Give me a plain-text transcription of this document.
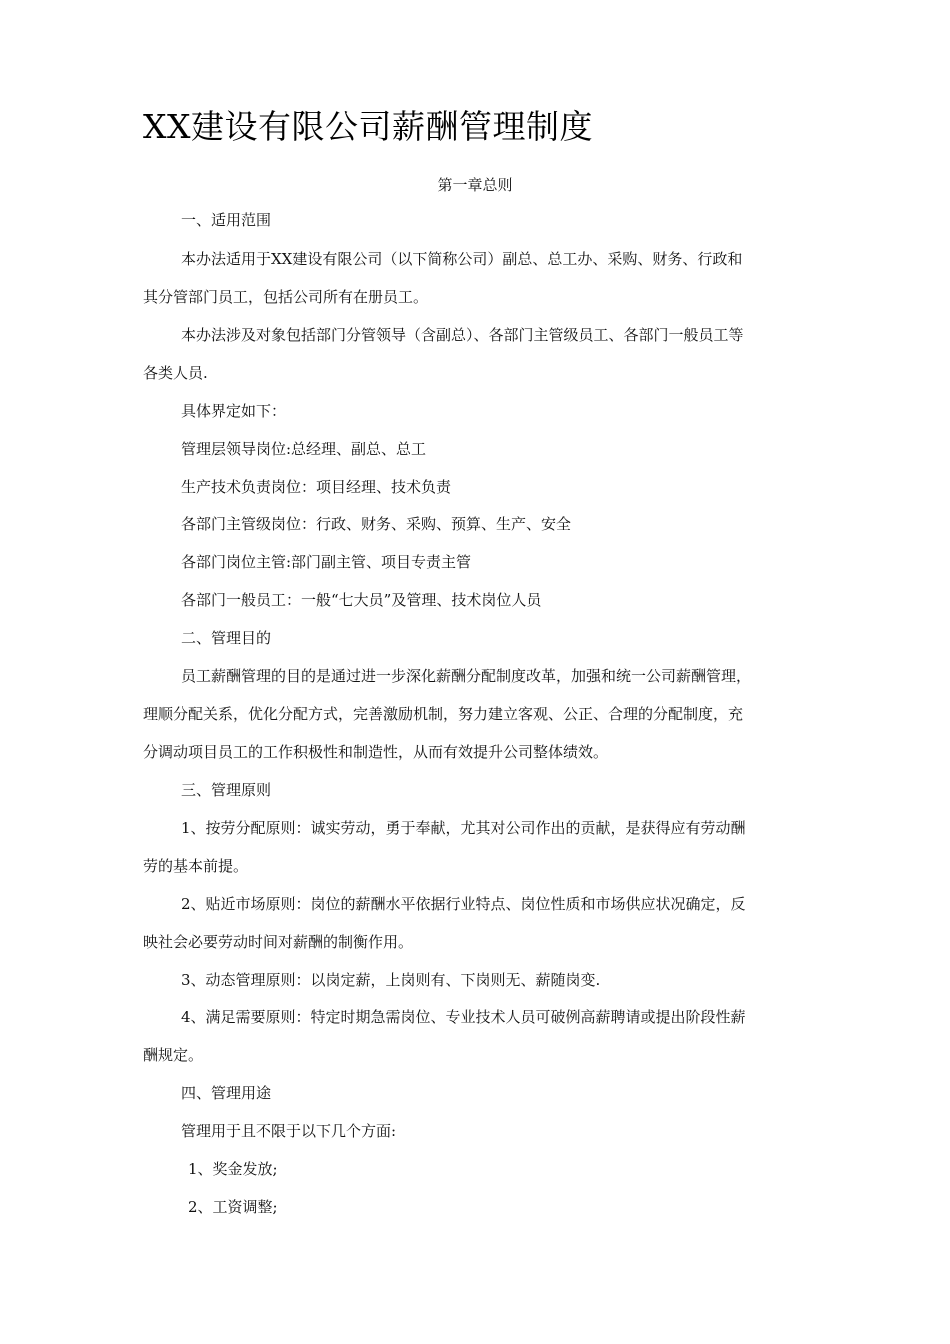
XX建设有限公司薪酬管理制度
第一章总则
一、适用范围
本办法适用于XX建设有限公司（以下简称公司）副总、总工办、采购、财务、行政和
其分管部门员工，包括公司所有在册员工。
本办法涉及对象包括部门分管领导（含副总）、各部门主管级员工、各部门一般员工等
各类人员.
具体界定如下：
管理层领导岗位:总经理、副总、总工
生产技术负责岗位：项目经理、技术负责
各部门主管级岗位：行政、财务、采购、预算、生产、安全
各部门岗位主管:部门副主管、项目专责主管
各部门一般员工：一般“七大员”及管理、技术岗位人员
二、管理目的
员工薪酬管理的目的是通过进一步深化薪酬分配制度改革，加强和统一公司薪酬管理，
理顺分配关系，优化分配方式，完善激励机制，努力建立客观、公正、合理的分配制度，充
分调动项目员工的工作积极性和制造性，从而有效提升公司整体绩效。
三、管理原则
1、按劳分配原则：诚实劳动，勇于奉献，尤其对公司作出的贡献，是获得应有劳动酬
劳的基本前提。
2、贴近市场原则：岗位的薪酬水平依据行业特点、岗位性质和市场供应状况确定，反
映社会必要劳动时间对薪酬的制衡作用。
3、动态管理原则：以岗定薪，上岗则有、下岗则无、薪随岗变.
4、满足需要原则：特定时期急需岗位、专业技术人员可破例高薪聘请或提出阶段性薪
酬规定。
四、管理用途
管理用于且不限于以下几个方面:
1、奖金发放;
2、工资调整;
